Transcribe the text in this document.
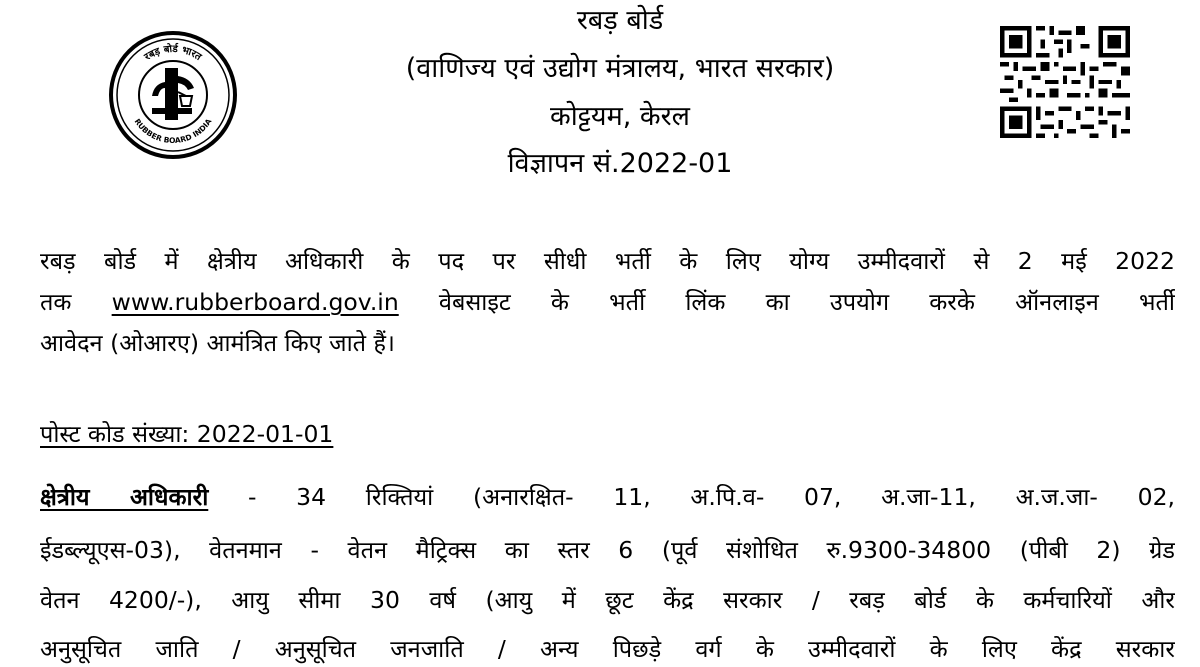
रबड़ बोर्ड भारत
RUBBER BOARD INDIA
रबड़ बोर्ड
(वाणिज्य एवं उद्योग मंत्रालय, भारत सरकार)
कोट्टयम, केरल
विज्ञापन सं.2022-01
रबड़ बोर्ड में क्षेत्रीय अधिकारी के पद पर सीधी भर्ती के लिए योग्य उम्मीदवारों से 2 मई 2022
तक www.rubberboard.gov.in वेबसाइट के भर्ती लिंक का उपयोग करके ऑनलाइन भर्ती
आवेदन (ओआरए) आमंत्रित किए जाते हैं।
पोस्ट कोड संख्या: 2022-01-01
क्षेत्रीय अधिकारी - 34 रिक्तियां (अनारक्षित- 11, अ.पि.व- 07, अ.जा-11, अ.ज.जा- 02,
ईडब्ल्यूएस-03), वेतनमान - वेतन मैट्रिक्स का स्तर 6 (पूर्व संशोधित रु.9300-34800 (पीबी 2) ग्रेड
वेतन 4200/-), आयु सीमा 30 वर्ष (आयु में छूट केंद्र सरकार / रबड़ बोर्ड के कर्मचारियों और
अनुसूचित जाति / अनुसूचित जनजाति / अन्य पिछड़े वर्ग के उम्मीदवारों के लिए केंद्र सरकार
